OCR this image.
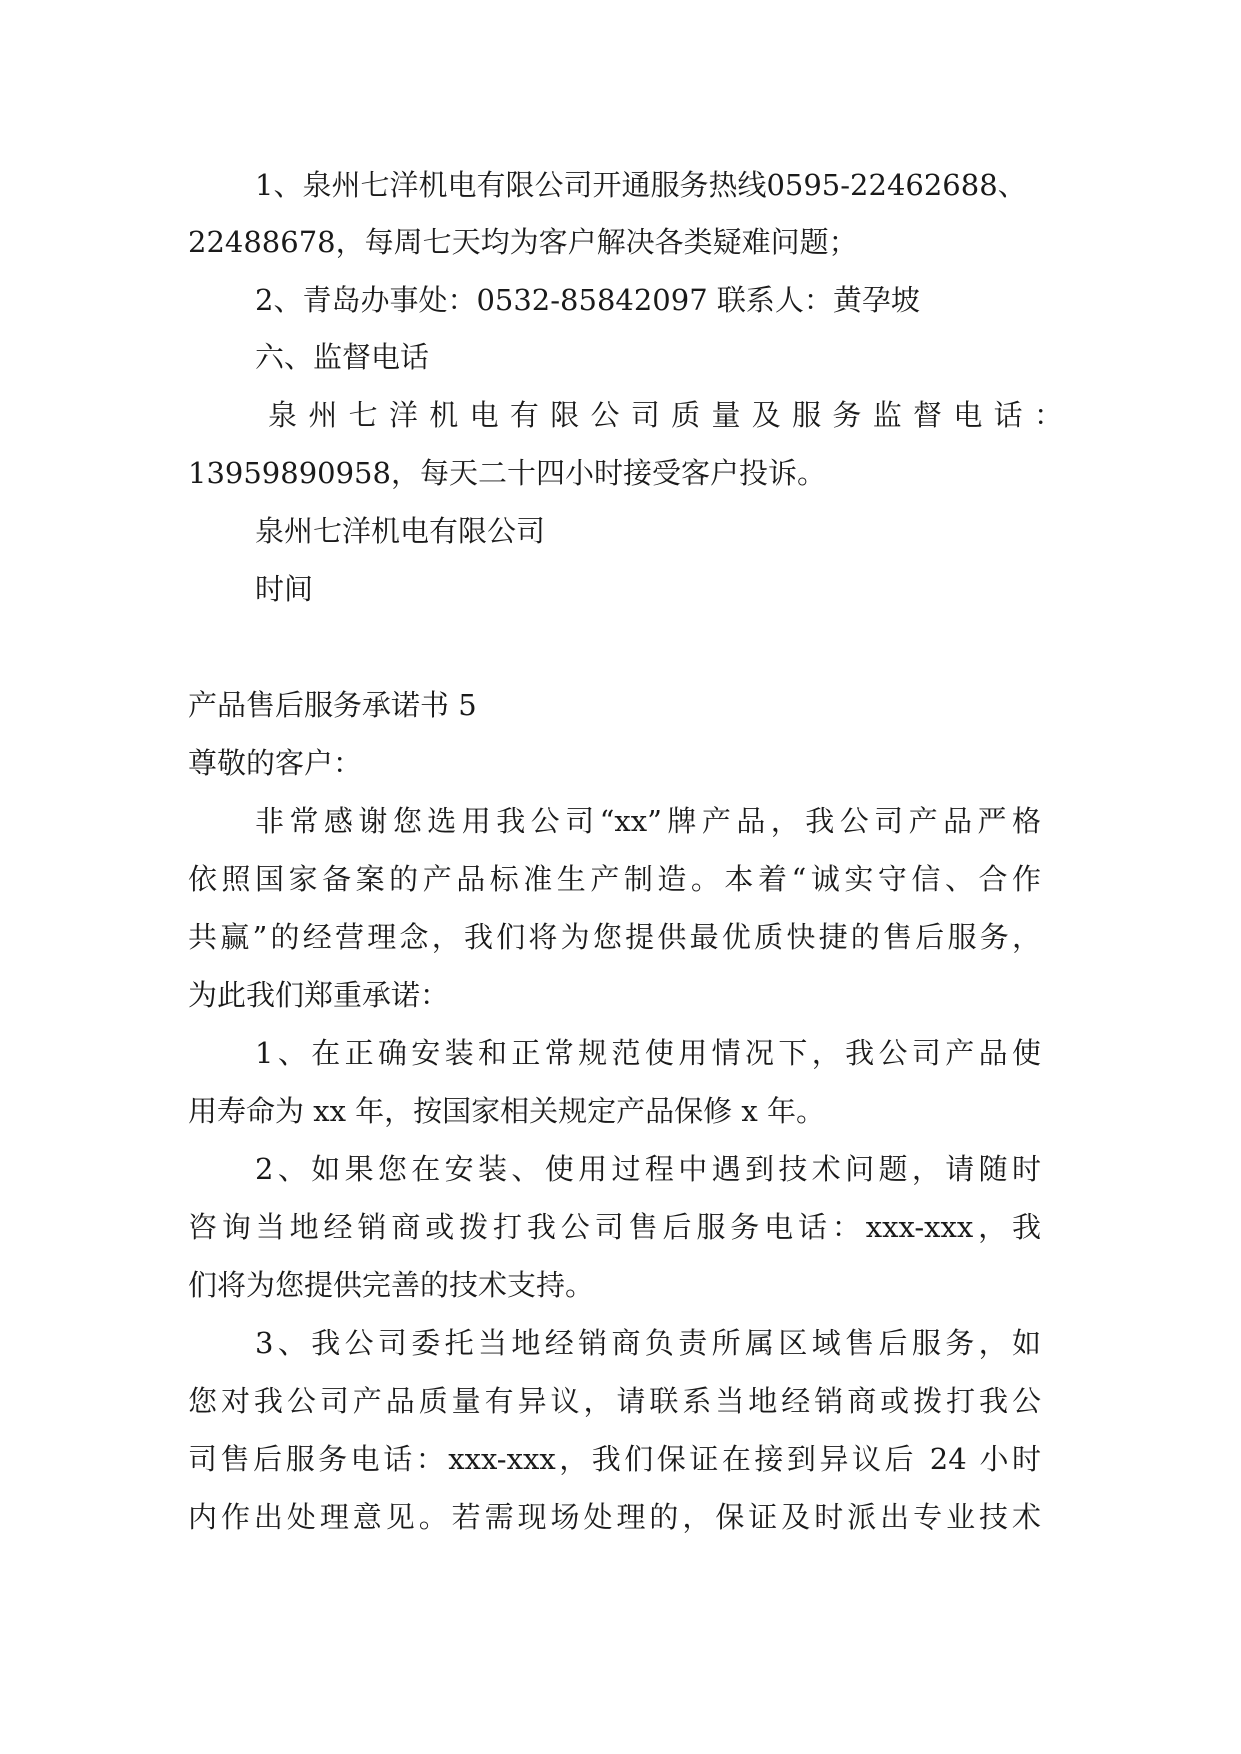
1、泉州七洋机电有限公司开通服务热线0595-22462688、
22488678，每周七天均为客户解决各类疑难问题；
2、青岛办事处：0532-85842097 联系人：黄孕坡
六、监督电话
泉州七洋机电有限公司质量及服务监督电话：
13959890958，每天二十四小时接受客户投诉。
泉州七洋机电有限公司
时间
产品售后服务承诺书 5
尊敬的客户：
非常感谢您选用我公司“xx”牌产品，我公司产品严格
依照国家备案的产品标准生产制造。本着“诚实守信、合作
共赢”的经营理念，我们将为您提供最优质快捷的售后服务，
为此我们郑重承诺：
1、在正确安装和正常规范使用情况下，我公司产品使
用寿命为 xx 年，按国家相关规定产品保修 x 年。
2、如果您在安装、使用过程中遇到技术问题，请随时
咨询当地经销商或拨打我公司售后服务电话：xxx-xxx，我
们将为您提供完善的技术支持。
3、我公司委托当地经销商负责所属区域售后服务，如
您对我公司产品质量有异议，请联系当地经销商或拨打我公
司售后服务电话：xxx-xxx，我们保证在接到异议后 24 小时
内作出处理意见。若需现场处理的，保证及时派出专业技术
